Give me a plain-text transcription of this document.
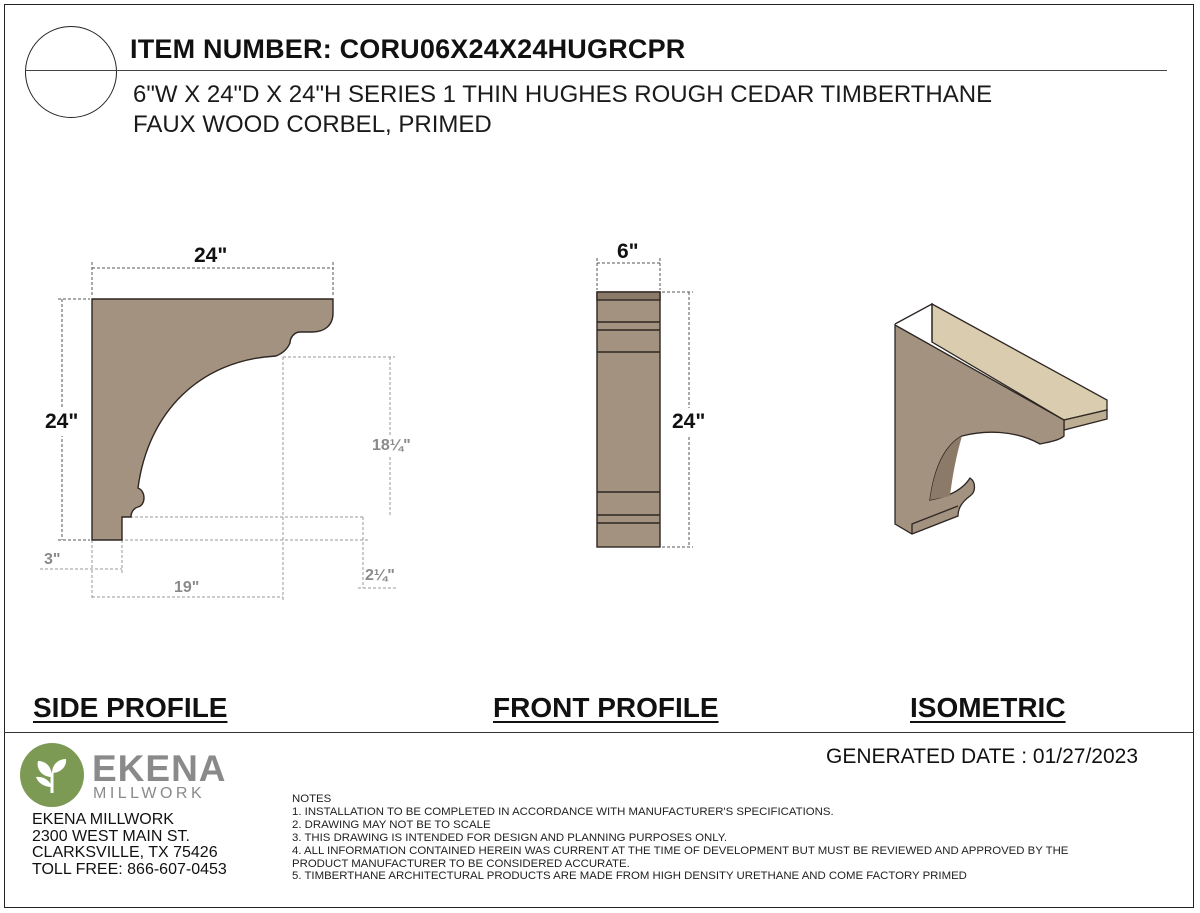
ITEM NUMBER: CORU06X24X24HUGRCPR
6"W X 24"D X 24"H SERIES 1 THIN HUGHES ROUGH CEDAR TIMBERTHANE
FAUX WOOD CORBEL, PRIMED
24"
24"
18¼"
3"
19"
2¼"
6"
24"
SIDE PROFILE	FRONT PROFILE	ISOMETRIC
GENERATED DATE : 01/27/2023
EKENA
MILLWORK
EKENA MILLWORK
2300 WEST MAIN ST.
CLARKSVILLE, TX 75426
TOLL FREE: 866-607-0453
NOTES
1. INSTALLATION TO BE COMPLETED IN ACCORDANCE WITH MANUFACTURER'S SPECIFICATIONS.
2. DRAWING MAY NOT BE TO SCALE
3. THIS DRAWING IS INTENDED FOR DESIGN AND PLANNING PURPOSES ONLY.
4. ALL INFORMATION CONTAINED HEREIN WAS CURRENT AT THE TIME OF DEVELOPMENT BUT MUST BE REVIEWED AND APPROVED BY THE
PRODUCT MANUFACTURER TO BE CONSIDERED ACCURATE.
5. TIMBERTHANE ARCHITECTURAL PRODUCTS ARE MADE FROM HIGH DENSITY URETHANE AND COME FACTORY PRIMED
